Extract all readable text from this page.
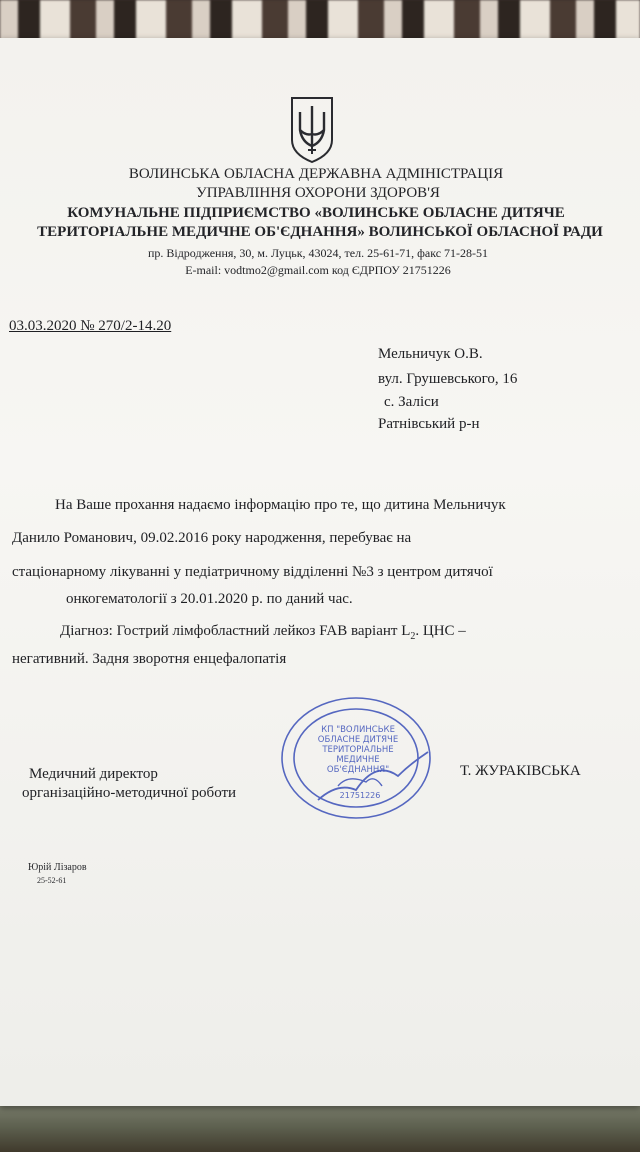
ВОЛИНСЬКА ОБЛАСНА ДЕРЖАВНА АДМІНІСТРАЦІЯ
УПРАВЛІННЯ ОХОРОНИ ЗДОРОВ'Я
КОМУНАЛЬНЕ ПІДПРИЄМСТВО «ВОЛИНСЬКЕ ОБЛАСНЕ ДИТЯЧЕ
ТЕРИТОРІАЛЬНЕ МЕДИЧНЕ ОБ'ЄДНАННЯ» ВОЛИНСЬКОЇ ОБЛАСНОЇ РАДИ
пр. Відродження, 30, м. Луцьк, 43024, тел. 25-61-71, факс 71-28-51
E-mail: vodtmo2@gmail.com код ЄДРПОУ 21751226
03.03.2020 № 270/2-14.20
Мельничук О.В.
вул. Грушевського, 16
с. Заліси
Ратнівський р-н
На Ваше прохання надаємо інформацію про те, що дитина Мельничук
Данило Романович, 09.02.2016 року народження, перебуває на
стаціонарному лікуванні у педіатричному відділенні №3 з центром дитячої
онкогематології з 20.01.2020 р. по даний час.
Діагноз: Гострий лімфобластний лейкоз FAB варіант $L_2$. ЦНС –
негативний. Задня зворотня енцефалопатія
Медичний директор
організаційно-методичної роботи
Т. ЖУРАКІВСЬКА
КП "ВОЛИНСЬКЕ
ОБЛАСНЕ ДИТЯЧЕ
ТЕРИТОРІАЛЬНЕ
МЕДИЧНЕ
ОБ'ЄДНАННЯ"
21751226
Юрій Лізаров
25-52-61
